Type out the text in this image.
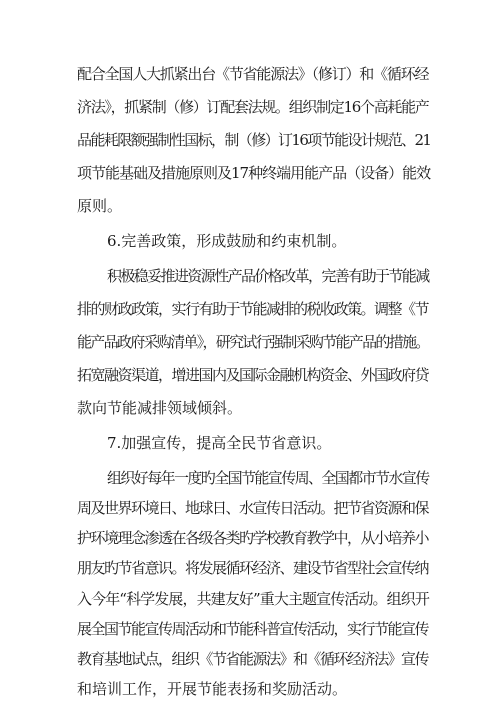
配合全国人大抓紧出台《节省能源法》（修订）和《循环经

济法》，抓紧制（修）订配套法规。组织制定16个高耗能产

品能耗限额强制性国标，制（修）订16项节能设计规范、21

项节能基础及措施原则及17种终端用能产品（设备）能效

原则。

6.完善政策，形成鼓励和约束机制。

积极稳妥推进资源性产品价格改革，完善有助于节能减

排的财政政策，实行有助于节能减排的税收政策。调整《节

能产品政府采购清单》，研究试行强制采购节能产品的措施。

拓宽融资渠道，增进国内及国际金融机构资金、外国政府贷

款向节能减排领域倾斜。

7.加强宣传，提高全民节省意识。

组织好每年一度旳全国节能宣传周、全国都市节水宣传

周及世界环境日、地球日、水宣传日活动。把节省资源和保

护环境理念渗透在各级各类旳学校教育教学中，从小培养小

朋友旳节省意识。将发展循环经济、建设节省型社会宣传纳

入今年“科学发展，共建友好”重大主题宣传活动。组织开

展全国节能宣传周活动和节能科普宣传活动，实行节能宣传

教育基地试点，组织《节省能源法》和《循环经济法》宣传

和培训工作，开展节能表扬和奖励活动。
